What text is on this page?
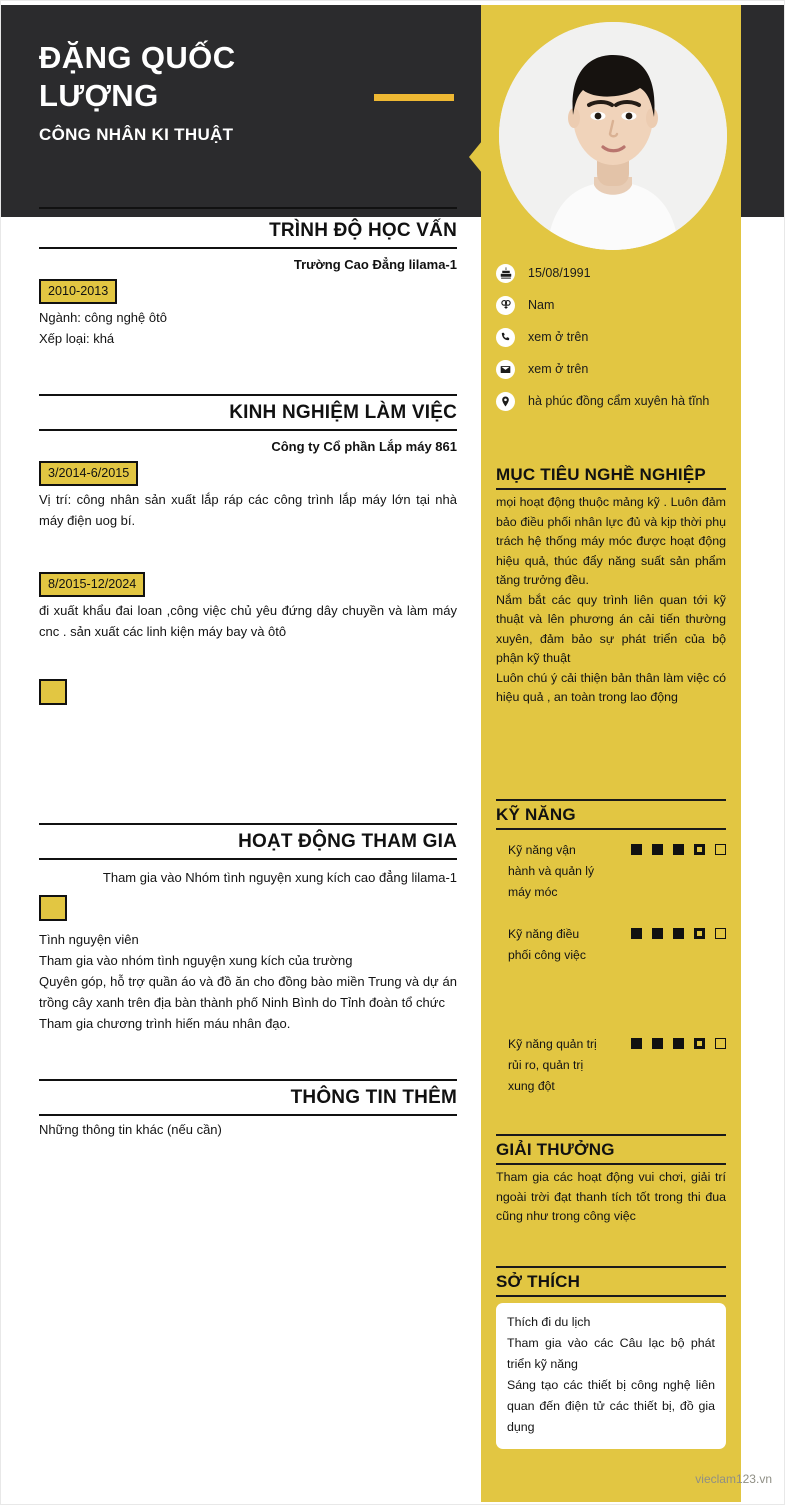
ĐẶNG QUỐC LƯỢNG
CÔNG NHÂN KI THUẬT
15/08/1991
Nam
xem ở trên
xem ở trên
hà phúc đồng cẩm xuyên hà tĩnh
MỤC TIÊU NGHỀ NGHIỆP

mọi hoạt động thuộc mảng kỹ . Luôn đảm bảo điều phối nhân lực đủ và kịp thời phụ trách hệ thống máy móc được hoạt động hiệu quả, thúc đẩy năng suất sản phẩm tăng trưởng đều.

Nắm bắt các quy trình liên quan tới kỹ thuật và lên phương án cải tiến thường xuyên, đảm bảo sự phát triển của bộ phận kỹ thuật

Luôn chú ý cải thiện bản thân làm việc có hiệu quả , an toàn trong lao động

KỸ NĂNG
Kỹ năng vận hành và quản lý máy móc
Kỹ năng điều phối công việc
Kỹ năng quản trị rủi ro, quản trị xung đột
GIẢI THƯỞNG
Tham gia các hoạt động vui chơi, giải trí ngoài trời đạt thanh tích tốt trong thi đua cũng như trong công việc
SỞ THÍCH
Thích đi du lịch
Tham gia vào các Câu lạc bộ phát triển kỹ năng
Sáng tạo các thiết bị công nghệ liên quan đến điện tử các thiết bị, đồ gia dụng
vieclam123.vn
TRÌNH ĐỘ HỌC VẤN
Trường Cao Đẳng lilama-1
2010-2013

Ngành: công nghệ ôtô

Xếp loại: khá

KINH NGHIỆM LÀM VIỆC
Công ty Cổ phần Lắp máy 861
3/2014-6/2015
Vị trí: công nhân sản xuất lắp ráp các công trình lắp máy lớn tại nhà máy điện uog bí.
8/2015-12/2024
đi xuất khẩu đai loan ,công việc chủ yêu đứng dây chuyền và làm máy cnc . sản xuất các linh kiện máy bay và ôtô
HOẠT ĐỘNG THAM GIA
Tham gia vào Nhóm tình nguyện xung kích cao đẳng lilama-1

Tình nguyện viên

Tham gia vào nhóm tình nguyện xung kích của trường

Quyên góp, hỗ trợ quần áo và đồ ăn cho đồng bào miền Trung và dự án trồng cây xanh trên địa bàn thành phố Ninh Bình do Tỉnh đoàn tổ chức

Tham gia chương trình hiến máu nhân đạo.

THÔNG TIN THÊM
Những thông tin khác (nếu cần)
